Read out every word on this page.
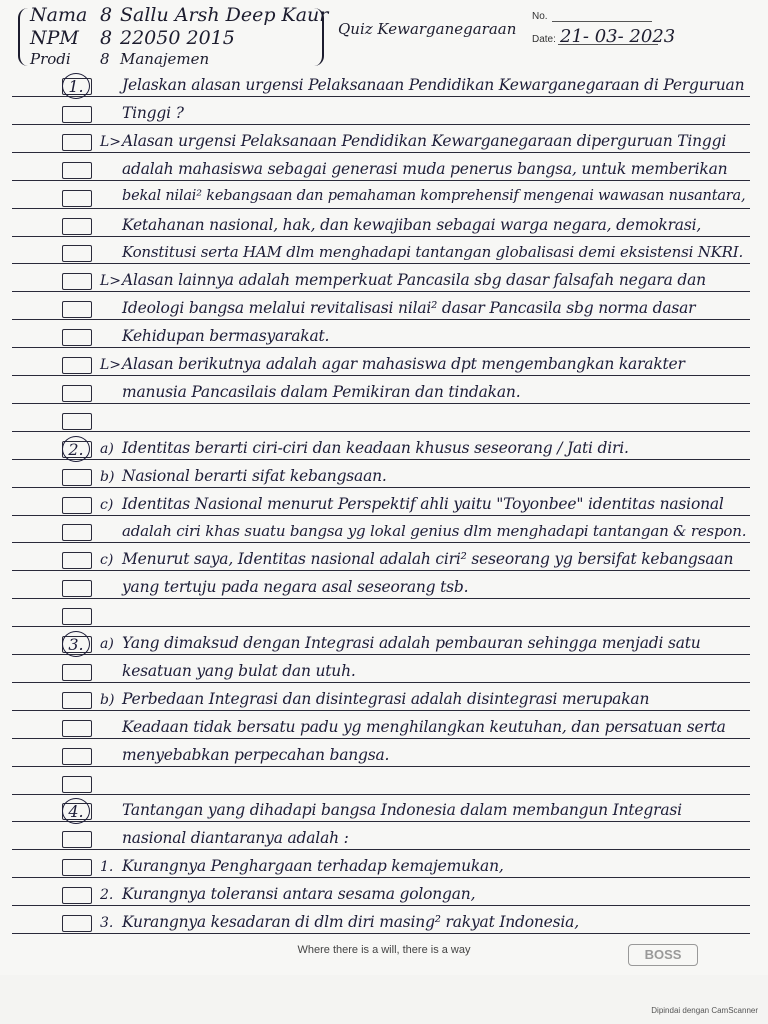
Nama 8 Sallu Arsh Deep Kaur
NPM 8 22050 2015
Prodi 8 Manajemen
Quiz Kewarganegaraan
No.
Date: 21- 03- 2023
1.	Jelaskan alasan urgensi Pelaksanaan Pendidikan Kewarganegaraan di Perguruan
Tinggi ?
L> Alasan urgensi Pelaksanaan Pendidikan Kewarganegaraan diperguruan Tinggi
adalah mahasiswa sebagai generasi muda penerus bangsa, untuk memberikan
bekal nilai² kebangsaan dan pemahaman komprehensif mengenai wawasan nusantara,
Ketahanan nasional, hak, dan kewajiban sebagai warga negara, demokrasi,
Konstitusi serta HAM dlm menghadapi tantangan globalisasi demi eksistensi NKRI.
L> Alasan lainnya adalah memperkuat Pancasila sbg dasar falsafah negara dan
Ideologi bangsa melalui revitalisasi nilai² dasar Pancasila sbg norma dasar
Kehidupan bermasyarakat.
L> Alasan berikutnya adalah agar mahasiswa dpt mengembangkan karakter
manusia Pancasilais dalam Pemikiran dan tindakan.
2.	a) Identitas berarti ciri-ciri dan keadaan khusus seseorang / Jati diri.
b) Nasional berarti sifat kebangsaan.
c) Identitas Nasional menurut Perspektif ahli yaitu "Toyonbee" identitas nasional
adalah ciri khas suatu bangsa yg lokal genius dlm menghadapi tantangan & respon.
c) Menurut saya, Identitas nasional adalah ciri² seseorang yg bersifat kebangsaan
yang tertuju pada negara asal seseorang tsb.
3.	a) Yang dimaksud dengan Integrasi adalah pembauran sehingga menjadi satu
kesatuan yang bulat dan utuh.
b) Perbedaan Integrasi dan disintegrasi adalah disintegrasi merupakan
Keadaan tidak bersatu padu yg menghilangkan keutuhan, dan persatuan serta
menyebabkan perpecahan bangsa.
4.	Tantangan yang dihadapi bangsa Indonesia dalam membangun Integrasi
nasional diantaranya adalah :
1. Kurangnya Penghargaan terhadap kemajemukan,
2. Kurangnya toleransi antara sesama golongan,
3. Kurangnya kesadaran di dlm diri masing² rakyat Indonesia,
Where there is a will, there is a way	BOSS
Dipindai dengan CamScanner
